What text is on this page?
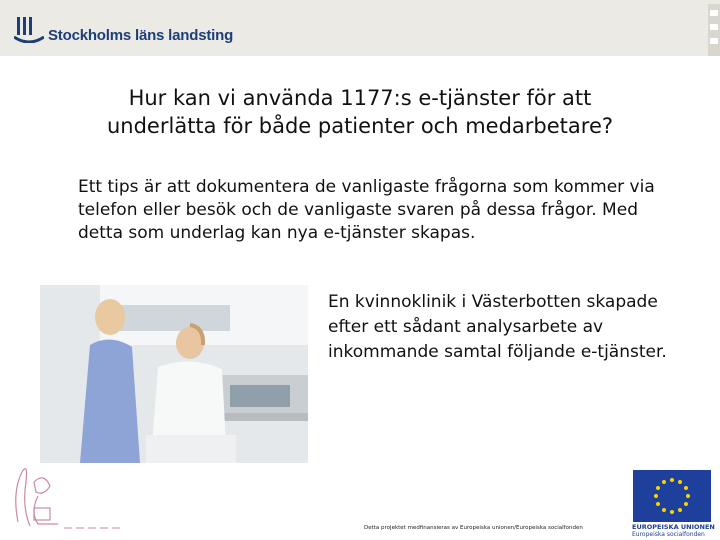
Stockholms läns landsting
Hur kan vi använda 1177:s e-tjänster för att
underlätta för både patienter och medarbetare?
Ett tips är att dokumentera de vanligaste frågorna som kommer via telefon eller besök och de vanligaste svaren på dessa frågor. Med detta som underlag kan nya e-tjänster skapas.
En kvinnoklinik i Västerbotten skapade efter ett sådant analysarbete av inkommande samtal följande e-tjänster.
Detta projektet medfinansieras av Europeiska unionen/Europeiska socialfonden	EUROPEISKA UNIONEN
Europeiska socialfonden
